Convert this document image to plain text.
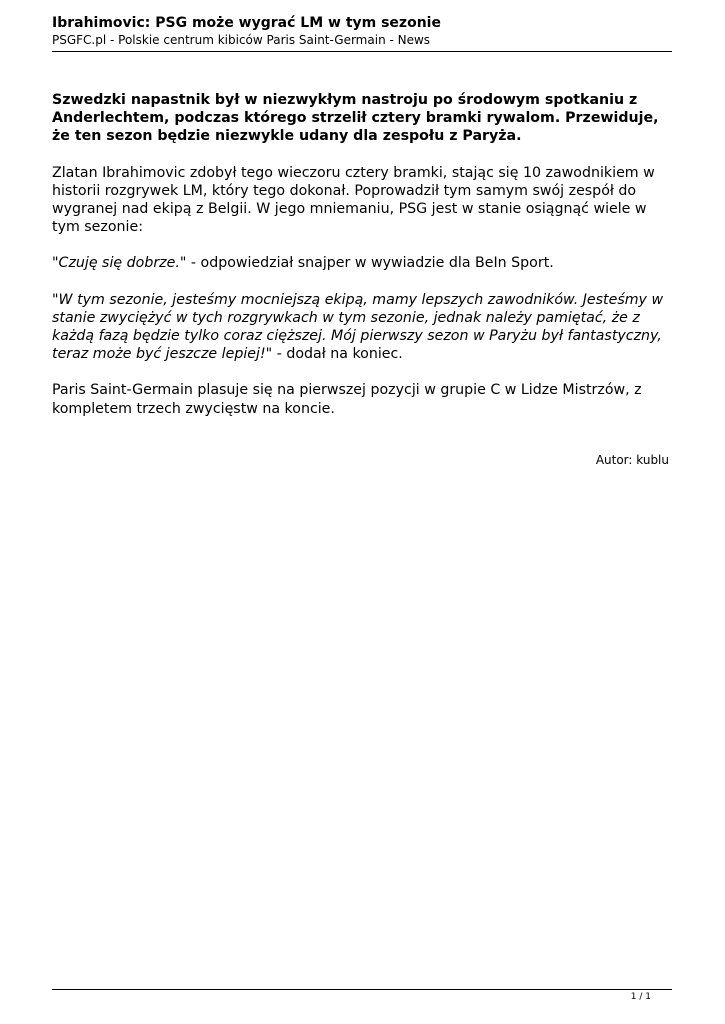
Ibrahimovic: PSG może wygrać LM w tym sezonie

PSGFC.pl - Polskie centrum kibiców Paris Saint-Germain - News

Szwedzki napastnik był w niezwykłym nastroju po środowym spotkaniu z Anderlechtem, podczas którego strzelił cztery bramki rywalom. Przewiduje, że ten sezon będzie niezwykle udany dla zespołu z Paryża.

Zlatan Ibrahimovic zdobył tego wieczoru cztery bramki, stając się 10 zawodnikiem w historii rozgrywek LM, który tego dokonał. Poprowadził tym samym swój zespół do wygranej nad ekipą z Belgii. W jego mniemaniu, PSG jest w stanie osiągnąć wiele w tym sezonie:

"Czuję się dobrze." - odpowiedział snajper w wywiadzie dla BeIn Sport.

"W tym sezonie, jesteśmy mocniejszą ekipą, mamy lepszych zawodników. Jesteśmy w stanie zwyciężyć w tych rozgrywkach w tym sezonie, jednak należy pamiętać, że z każdą fazą będzie tylko coraz cięższej. Mój pierwszy sezon w Paryżu był fantastyczny, teraz może być jeszcze lepiej!" - dodał na koniec.

Paris Saint-Germain plasuje się na pierwszej pozycji w grupie C w Lidze Mistrzów, z kompletem trzech zwycięstw na koncie.

Autor: kublu
1 / 1
